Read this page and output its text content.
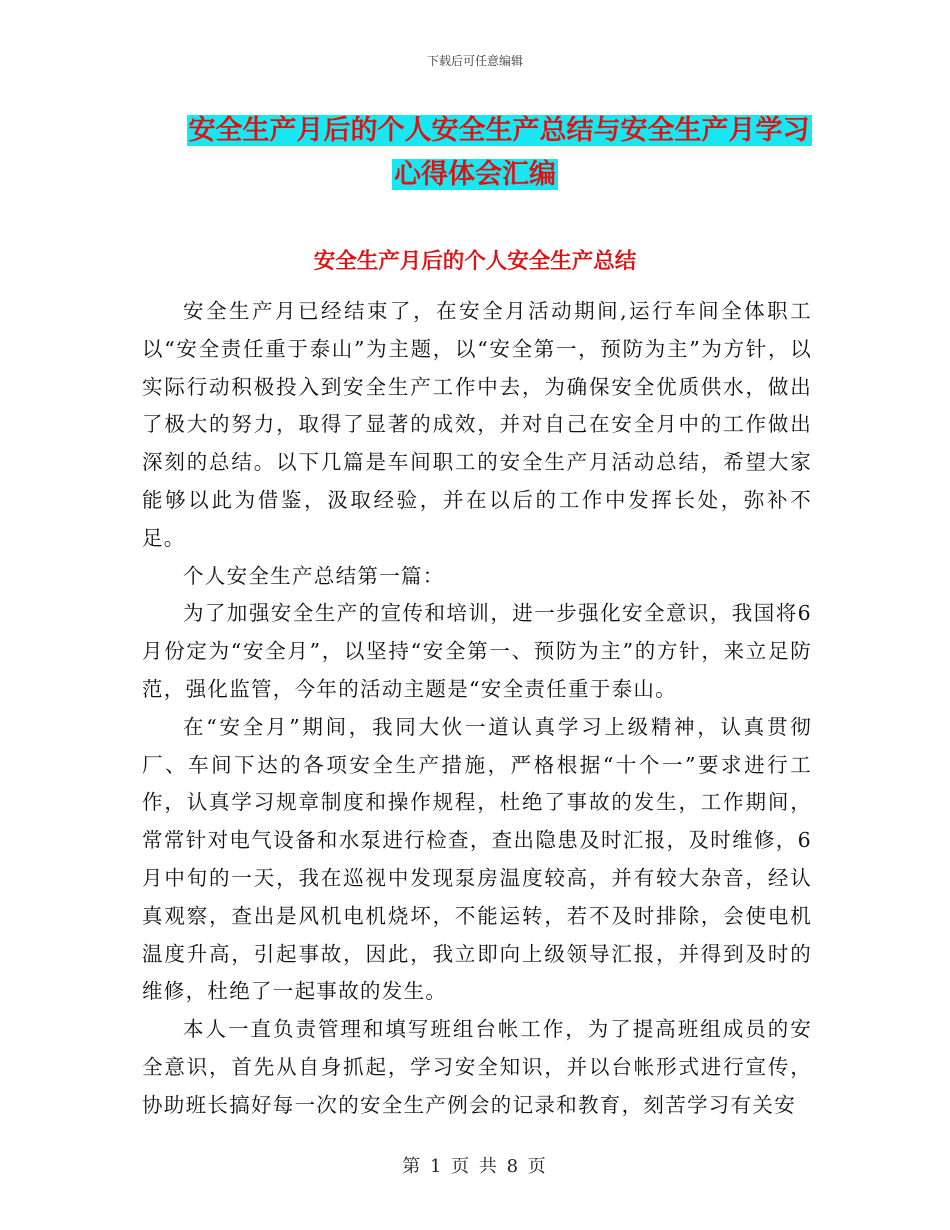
下载后可任意编辑
安全生产月后的个人安全生产总结与安全生产月学习
心得体会汇编
安全生产月后的个人安全生产总结

安全生产月已经结束了，在安全月活动期间,运行车间全体职工以“安全责任重于泰山”为主题，以“安全第一，预防为主”为方针，以实际行动积极投入到安全生产工作中去，为确保安全优质供水，做出了极大的努力，取得了显著的成效，并对自己在安全月中的工作做出深刻的总结。以下几篇是车间职工的安全生产月活动总结，希望大家能够以此为借鉴，汲取经验，并在以后的工作中发挥长处，弥补不足。

个人安全生产总结第一篇：

为了加强安全生产的宣传和培训，进一步强化安全意识，我国将6月份定为“安全月”，以坚持“安全第一、预防为主”的方针，来立足防范，强化监管，今年的活动主题是“安全责任重于泰山。

在“安全月”期间，我同大伙一道认真学习上级精神，认真贯彻厂、车间下达的各项安全生产措施，严格根据“十个一”要求进行工作，认真学习规章制度和操作规程，杜绝了事故的发生，工作期间，常常针对电气设备和水泵进行检查，查出隐患及时汇报，及时维修，6月中旬的一天，我在巡视中发现泵房温度较高，并有较大杂音，经认真观察，查出是风机电机烧坏，不能运转，若不及时排除，会使电机温度升高，引起事故，因此，我立即向上级领导汇报，并得到及时的维修，杜绝了一起事故的发生。

本人一直负责管理和填写班组台帐工作，为了提高班组成员的安全意识，首先从自身抓起，学习安全知识，并以台帐形式进行宣传，协助班长搞好每一次的安全生产例会的记录和教育，刻苦学习有关安

第 1 页 共 8 页
